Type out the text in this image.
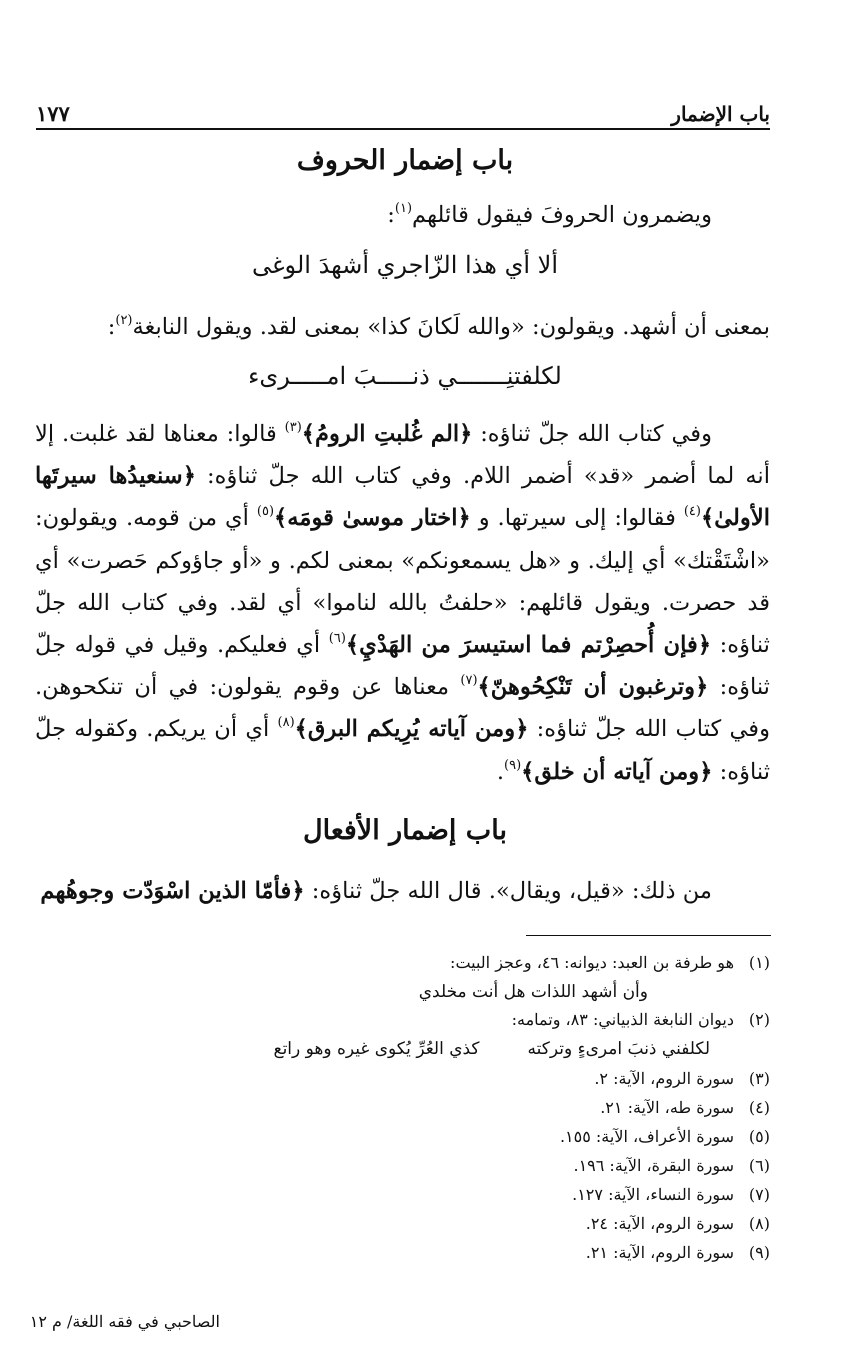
باب الإضمار
١٧٧
باب إضمار الحروف

ويضمرون الحروفَ فيقول قائلهم$^{(١)}$:

ألا أي هذا الزّاجري أشهدَ الوغى

بمعنى أن أشهد. ويقولون: «والله لَكانَ كذا» بمعنى لقد. ويقول النابغة$^{(٢)}$:

لكلفتنِـــــــي ذنـــــبَ امـــــرىء

وفي كتاب الله جلّ ثناؤه: ﴿الم غُلبتِ الرومُ﴾$^{(٣)}$ قالوا: معناها لقد غلبت. إلا أنه لما أضمر «قد» أضمر اللام. وفي كتاب الله جلّ ثناؤه: ﴿سنعيدُها سيرتَها الأولىٰ﴾$^{(٤)}$ فقالوا: إلى سيرتها. و ﴿اختار موسىٰ قومَه﴾$^{(٥)}$ أي من قومه. ويقولون: «اشْتَقْتك» أي إليك. و «هل يسمعونكم» بمعنى لكم. و «أو جاؤوكم حَصرت» أي قد حصرت. ويقول قائلهم: «حلفتُ بالله لناموا» أي لقد. وفي كتاب الله جلّ ثناؤه: ﴿فإن أُحصِرْتم فما استيسرَ من الهَدْيِ﴾$^{(٦)}$ أي فعليكم. وقيل في قوله جلّ ثناؤه: ﴿وترغبون أن تَنْكِحُوهنّ﴾$^{(٧)}$ معناها عن وقوم يقولون: في أن تنكحوهن. وفي كتاب الله جلّ ثناؤه: ﴿ومن آياته يُرِيكم البرق﴾$^{(٨)}$ أي أن يريكم. وكقوله جلّ ثناؤه: ﴿ومن آياته أن خلق﴾$^{(٩)}$.

باب إضمار الأفعال

من ذلك: «قيل، ويقال». قال الله جلّ ثناؤه: ﴿فأمّا الذين اسْوَدّت وجوهُهم

(١)
هو طرفة بن العبد: ديوانه: ٤٦، وعجز البيت:
وأن أشهد اللذات هل أنت مخلدي
(٢)
ديوان النابغة الذبياني: ٨٣، وتمامه:
لكلفني ذنبَ امرىءٍ وتركته
كذي العُرِّ يُكوى غيره وهو راتع
(٣)
سورة الروم، الآية: ٢.
(٤)
سورة طه، الآية: ٢١.
(٥)
سورة الأعراف، الآية: ١٥٥.
(٦)
سورة البقرة، الآية: ١٩٦.
(٧)
سورة النساء، الآية: ١٢٧.
(٨)
سورة الروم، الآية: ٢٤.
(٩)
سورة الروم، الآية: ٢١.
الصاحبي في فقه اللغة/ م ١٢
